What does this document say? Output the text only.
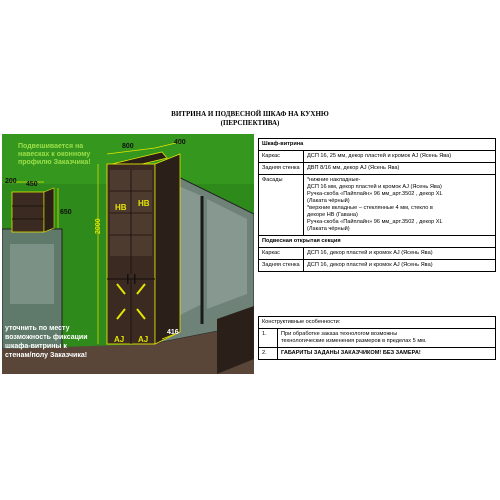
ВИТРИНА И ПОДВЕСНОЙ ШКАФ НА КУХНЮ
(ПЕРСПЕКТИВА)
800
400
200 450
650
2000
416
НВ НВ
AJ AJ
Подвешивается на
навесках к оконному
профилю Заказчика!
уточнить по месту
возможность фиксации
шкафа-витрины к
стенам/полу Заказчика!
Шкаф-витрина
Каркас	ДСП 16, 25 мм, декор пластей и кромок AJ (Ясень Ява)
Задняя стенка	ДВП 8/16 мм, декор AJ (Ясень Ява)
Фасады	*нижние накладные-
ДСП 16 мм, декор пластей и кромок AJ (Ясень Ява)
Ручка-скоба «Пайплайн» 96 мм_арт.3502 , декор XL
(Лаката чёрный)
*верхние вкладные – стеклянные 4 мм, стекло в
декоре НВ (Гавана)
Ручка-скоба «Пайплайн» 96 мм_арт.3502 , декор XL
(Лаката чёрный)
Подвесная открытая секция
Каркас	ДСП 16, декор пластей и кромок AJ (Ясень Ява)
Задняя стенка	ДСП 16, декор пластей и кромок AJ (Ясень Ява)
Конструктивные особенности:
1.	При обработке заказа технологом возможны
технологические изменения размеров в пределах 5 мм.
2.	ГАБАРИТЫ ЗАДАНЫ ЗАКАЗЧИКОМ! БЕЗ ЗАМЕРА!
